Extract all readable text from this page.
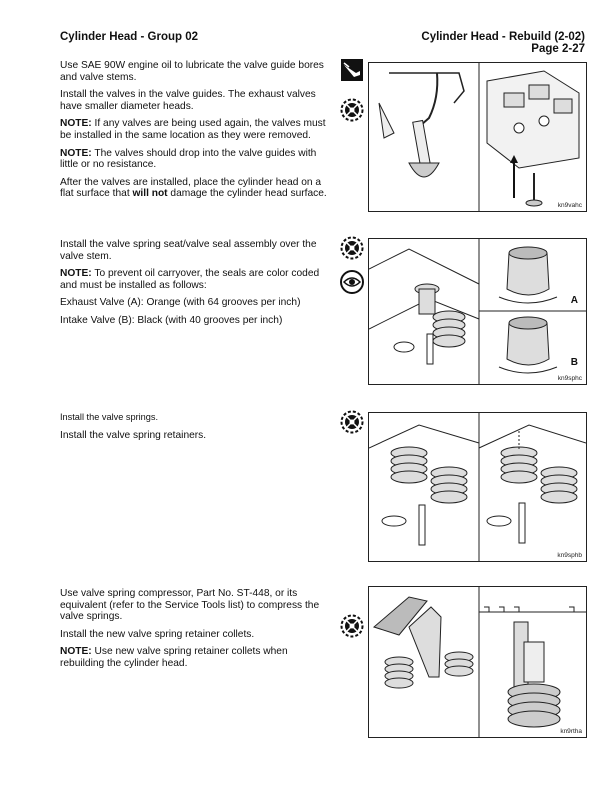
Cylinder Head - Group 02	Cylinder Head - Rebuild (2-02)
Page 2-27

Use SAE 90W engine oil to lubricate the valve guide bores and valve stems.

Install the valves in the valve guides. The exhaust valves have smaller diameter heads.

NOTE: If any valves are being used again, the valves must be installed in the same location as they were removed.

NOTE: The valves should drop into the valve guides with little or no resistance.

After the valves are installed, place the cylinder head on a flat surface that will not damage the cylinder head surface.

kn9vahc

Install the valve spring seat/valve seal assembly over the valve stem.

NOTE: To prevent oil carryover, the seals are color coded and must be installed as follows:

Exhaust Valve (A): Orange (with 64 grooves per inch)

Intake Valve (B): Black (with 40 grooves per inch)

A
B
kn9sphc

Install the valve springs.

Install the valve spring retainers.

kn9sphb

Use valve spring compressor, Part No. ST-448, or its equivalent (refer to the Service Tools list) to compress the valve springs.

Install the new valve spring retainer collets.

NOTE: Use new valve spring retainer collets when rebuilding the cylinder head.

kn9rtha
